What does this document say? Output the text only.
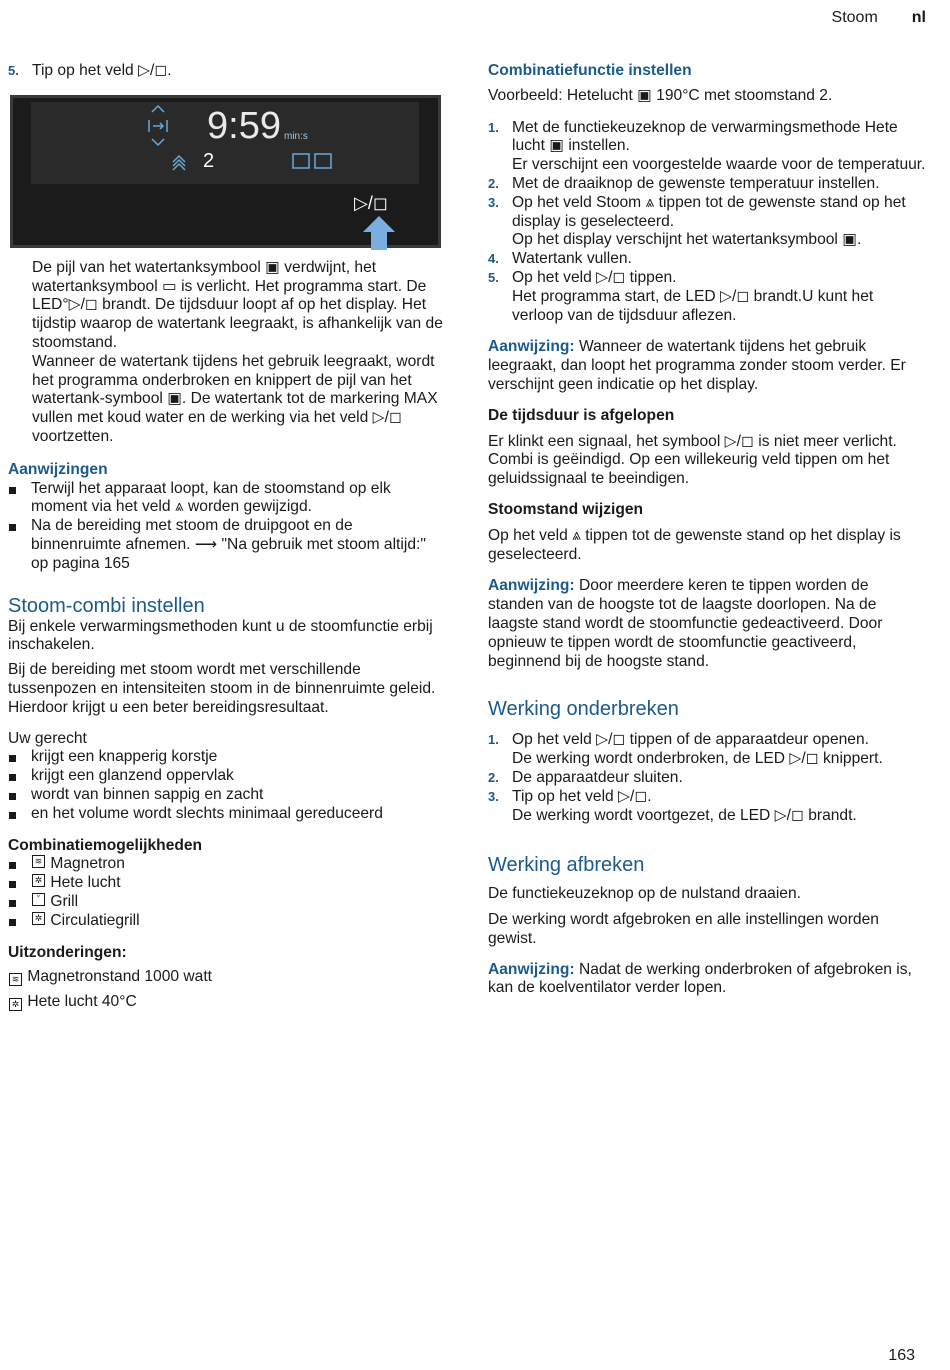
Stoom nl
5. Tip op het veld ▷/◻.
9:59 min:s
2
▷/◻

De pijl van het watertanksymbool ▣ verdwijnt, het watertanksymbool ▭ is verlicht. Het programma start. De LED°▷/◻ brandt. De tijdsduur loopt af op het display. Het tijdstip waarop de watertank leegraakt, is afhankelijk van de stoomstand.

Wanneer de watertank tijdens het gebruik leegraakt, wordt het programma onderbroken en knippert de pijl van het watertank-symbool ▣. De watertank tot de markering MAX vullen met koud water en de werking via het veld ▷/◻ voortzetten.

Aanwijzingen

Terwijl het apparaat loopt, kan de stoomstand op elk moment via het veld ⩓ worden gewijzigd.
Na de bereiding met stoom de druipgoot en de binnenruimte afnemen. ⟶ "Na gebruik met stoom altijd:" op pagina 165
Stoom-combi instellen

Bij enkele verwarmingsmethoden kunt u de stoomfunctie erbij inschakelen.

Bij de bereiding met stoom wordt met verschillende tussenpozen en intensiteiten stoom in de binnenruimte geleid. Hierdoor krijgt u een beter bereidingsresultaat.

Uw gerecht

krijgt een knapperig korstje
krijgt een glanzend oppervlak
wordt van binnen sappig en zacht
en het volume wordt slechts minimaal gereduceerd

Combinatiemogelijkheden

≋
Magnetron
✲
Hete lucht
˘
Grill
✲
Circulatiegrill

Uitzonderingen:

≋ Magnetronstand 1000 watt

✲ Hete lucht 40°C

Combinatiefunctie instellen

Voorbeeld: Hetelucht ▣ 190°C met stoomstand 2.

1. Met de functiekeuzeknop de verwarmingsmethode Hete lucht ▣ instellen.
Er verschijnt een voorgestelde waarde voor de temperatuur.
2. Met de draaiknop de gewenste temperatuur instellen.
3. Op het veld Stoom ⩓ tippen tot de gewenste stand op het display is geselecteerd.
Op het display verschijnt het watertanksymbool ▣.
4. Watertank vullen.
5. Op het veld ▷/◻ tippen.
Het programma start, de LED ▷/◻ brandt.U kunt het verloop van de tijdsduur aflezen.

Aanwijzing: Wanneer de watertank tijdens het gebruik leegraakt, dan loopt het programma zonder stoom verder. Er verschijnt geen indicatie op het display.

De tijdsduur is afgelopen

Er klinkt een signaal, het symbool ▷/◻ is niet meer verlicht. Combi is geëindigd. Op een willekeurig veld tippen om het geluidssignaal te beeindigen.

Stoomstand wijzigen

Op het veld ⩓ tippen tot de gewenste stand op het display is geselecteerd.

Aanwijzing: Door meerdere keren te tippen worden de standen van de hoogste tot de laagste doorlopen. Na de laagste stand wordt de stoomfunctie gedeactiveerd. Door opnieuw te tippen wordt de stoomfunctie geactiveerd, beginnend bij de hoogste stand.

Werking onderbreken
1. Op het veld ▷/◻ tippen of de apparaatdeur openen.
De werking wordt onderbroken, de LED ▷/◻ knippert.
2. De apparaatdeur sluiten.
3. Tip op het veld ▷/◻.
De werking wordt voortgezet, de LED ▷/◻ brandt.
Werking afbreken

De functiekeuzeknop op de nulstand draaien.

De werking wordt afgebroken en alle instellingen worden gewist.

Aanwijzing: Nadat de werking onderbroken of afgebroken is, kan de koelventilator verder lopen.

163
